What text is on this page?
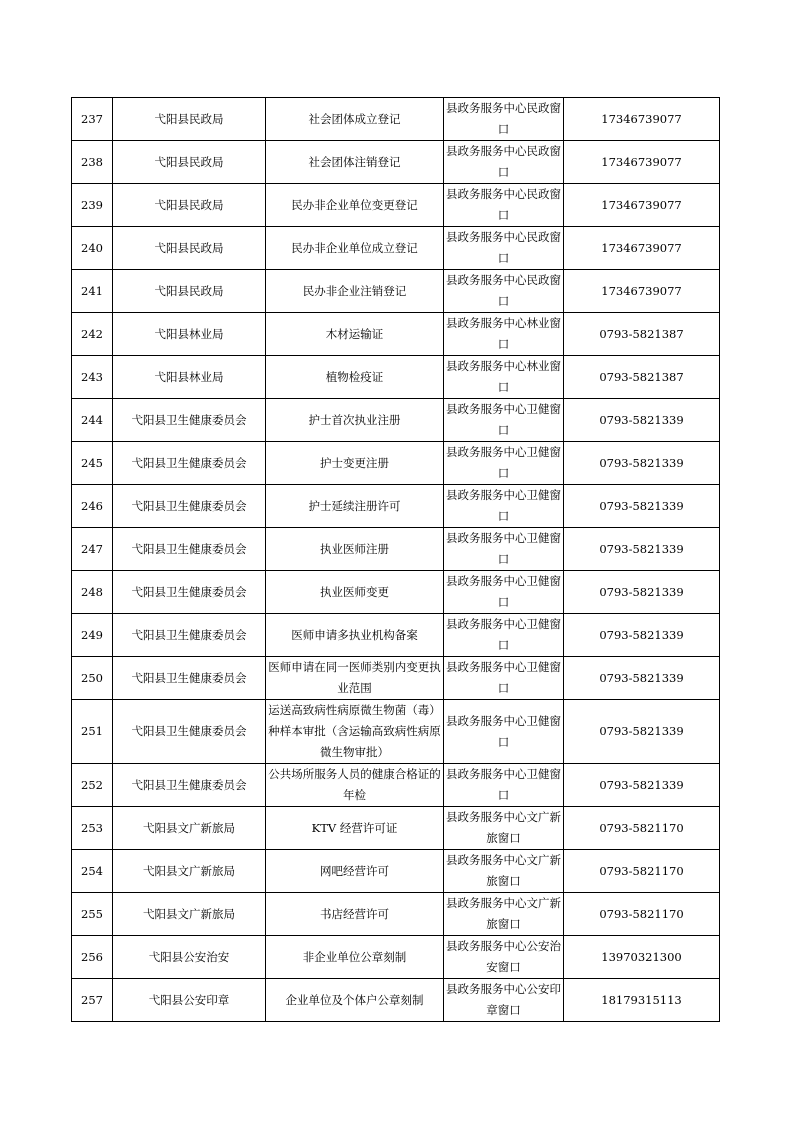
237	弋阳县民政局	社会团体成立登记	县政务服务中心民政窗口	17346739077
238	弋阳县民政局	社会团体注销登记	县政务服务中心民政窗口	17346739077
239	弋阳县民政局	民办非企业单位变更登记	县政务服务中心民政窗口	17346739077
240	弋阳县民政局	民办非企业单位成立登记	县政务服务中心民政窗口	17346739077
241	弋阳县民政局	民办非企业注销登记	县政务服务中心民政窗口	17346739077
242	弋阳县林业局	木材运输证	县政务服务中心林业窗口	0793-5821387
243	弋阳县林业局	植物检疫证	县政务服务中心林业窗口	0793-5821387
244	弋阳县卫生健康委员会	护士首次执业注册	县政务服务中心卫健窗口	0793-5821339
245	弋阳县卫生健康委员会	护士变更注册	县政务服务中心卫健窗口	0793-5821339
246	弋阳县卫生健康委员会	护士延续注册许可	县政务服务中心卫健窗口	0793-5821339
247	弋阳县卫生健康委员会	执业医师注册	县政务服务中心卫健窗口	0793-5821339
248	弋阳县卫生健康委员会	执业医师变更	县政务服务中心卫健窗口	0793-5821339
249	弋阳县卫生健康委员会	医师申请多执业机构备案	县政务服务中心卫健窗口	0793-5821339
250	弋阳县卫生健康委员会	医师申请在同一医师类别内变更执业范围	县政务服务中心卫健窗口	0793-5821339
251	弋阳县卫生健康委员会	运送高致病性病原微生物菌（毒）种样本审批（含运输高致病性病原微生物审批）	县政务服务中心卫健窗口	0793-5821339
252	弋阳县卫生健康委员会	公共场所服务人员的健康合格证的年检	县政务服务中心卫健窗口	0793-5821339
253	弋阳县文广新旅局	KTV 经营许可证	县政务服务中心文广新旅窗口	0793-5821170
254	弋阳县文广新旅局	网吧经营许可	县政务服务中心文广新旅窗口	0793-5821170
255	弋阳县文广新旅局	书店经营许可	县政务服务中心文广新旅窗口	0793-5821170
256	弋阳县公安治安	非企业单位公章刻制	县政务服务中心公安治安窗口	13970321300
257	弋阳县公安印章	企业单位及个体户公章刻制	县政务服务中心公安印章窗口	18179315113
